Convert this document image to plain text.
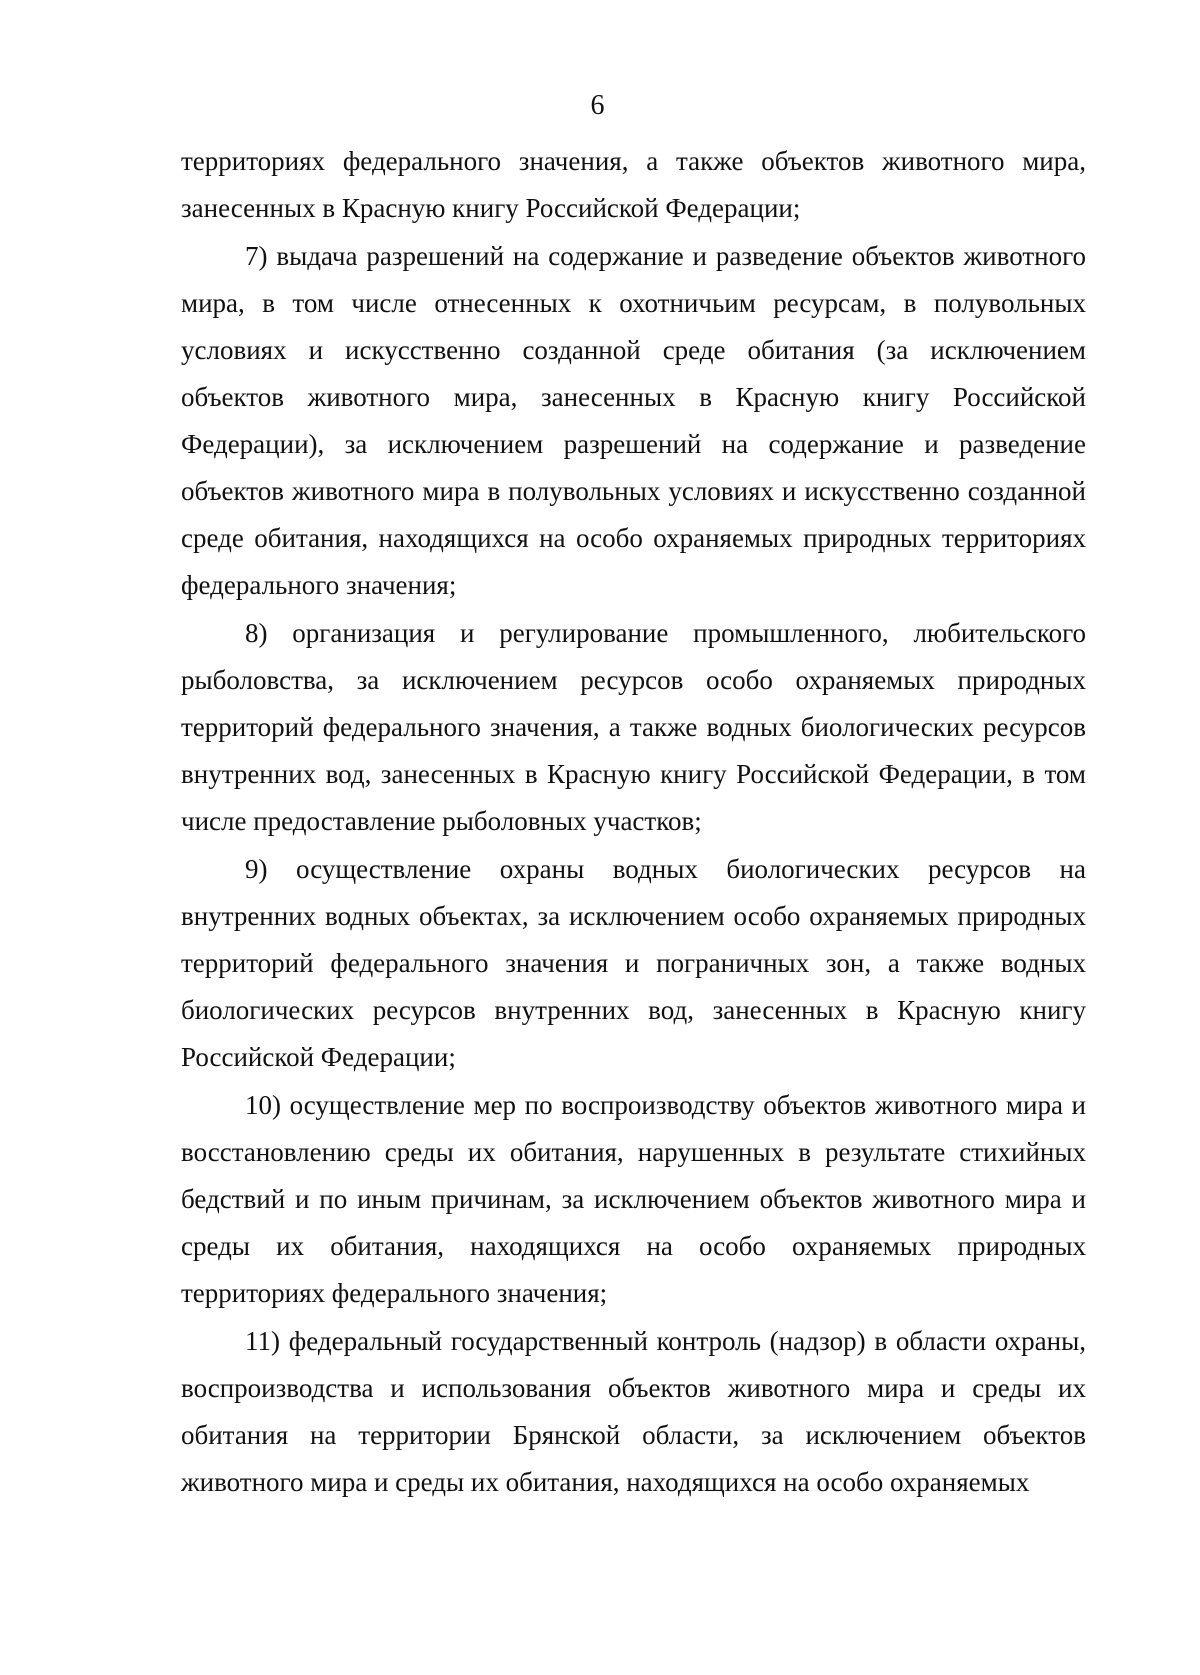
6

территориях федерального значения, а также объектов животного мира, занесенных в Красную книгу Российской Федерации;

7) выдача разрешений на содержание и разведение объектов животного мира, в том числе отнесенных к охотничьим ресурсам, в полувольных условиях и искусственно созданной среде обитания (за исключением объектов животного мира, занесенных в Красную книгу Российской Федерации), за исключением разрешений на содержание и разведение объектов животного мира в полувольных условиях и искусственно созданной среде обитания, находящихся на особо охраняемых природных территориях федерального значения;

8) организация и регулирование промышленного, любительского рыболовства, за исключением ресурсов особо охраняемых природных территорий федерального значения, а также водных биологических ресурсов внутренних вод, занесенных в Красную книгу Российской Федерации, в том числе предоставление рыболовных участков;

9) осуществление охраны водных биологических ресурсов на внутренних водных объектах, за исключением особо охраняемых природных территорий федерального значения и пограничных зон, а также водных биологических ресурсов внутренних вод, занесенных в Красную книгу Российской Федерации;

10) осуществление мер по воспроизводству объектов животного мира и восстановлению среды их обитания, нарушенных в результате стихийных бедствий и по иным причинам, за исключением объектов животного мира и среды их обитания, находящихся на особо охраняемых природных территориях федерального значения;

11) федеральный государственный контроль (надзор) в области охраны, воспроизводства и использования объектов животного мира и среды их обитания на территории Брянской области, за исключением объектов животного мира и среды их обитания, находящихся на особо охраняемых
